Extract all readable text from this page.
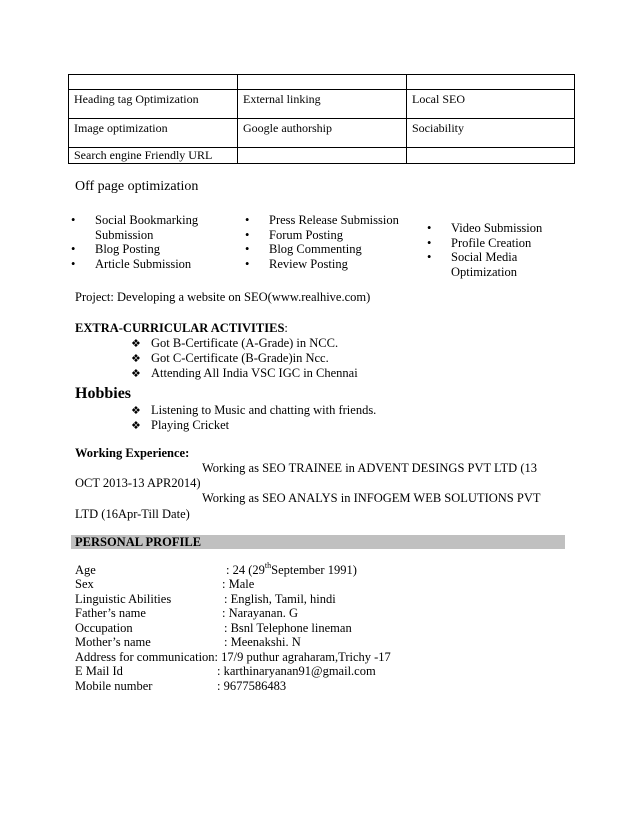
Heading tag Optimization	External linking	Local SEO
Image optimization	Google authorship	Sociability
Search engine Friendly URL		
Off page optimization
• Social Bookmarking
Submission
• Blog Posting
• Article Submission
• Press Release Submission
• Forum Posting
• Blog Commenting
• Review Posting
• Video Submission
• Profile Creation
• Social Media
Optimization
Project: Developing a website on SEO(www.realhive.com)
EXTRA-CURRICULAR ACTIVITIES:
❖ Got B-Certificate (A-Grade) in NCC.
❖ Got C-Certificate (B-Grade)in Ncc.
❖ Attending All India VSC IGC in Chennai
Hobbies
❖ Listening to Music and chatting with friends.
❖ Playing Cricket
Working Experience:
Working as SEO TRAINEE in ADVENT DESINGS PVT LTD (13
OCT 2013-13 APR2014)
Working as SEO ANALYS in INFOGEM WEB SOLUTIONS PVT
LTD (16Apr-Till Date)
PERSONAL PROFILE
Age	: 24 (29thSeptember 1991)
Sex	: Male
Linguistic Abilities	: English, Tamil, hindi
Father’s name	: Narayanan. G
Occupation	: Bsnl Telephone lineman
Mother’s name	: Meenakshi. N
Address for communication: 17/9 puthur agraharam,Trichy -17
E Mail Id	: karthinaryanan91@gmail.com
Mobile number	: 9677586483
